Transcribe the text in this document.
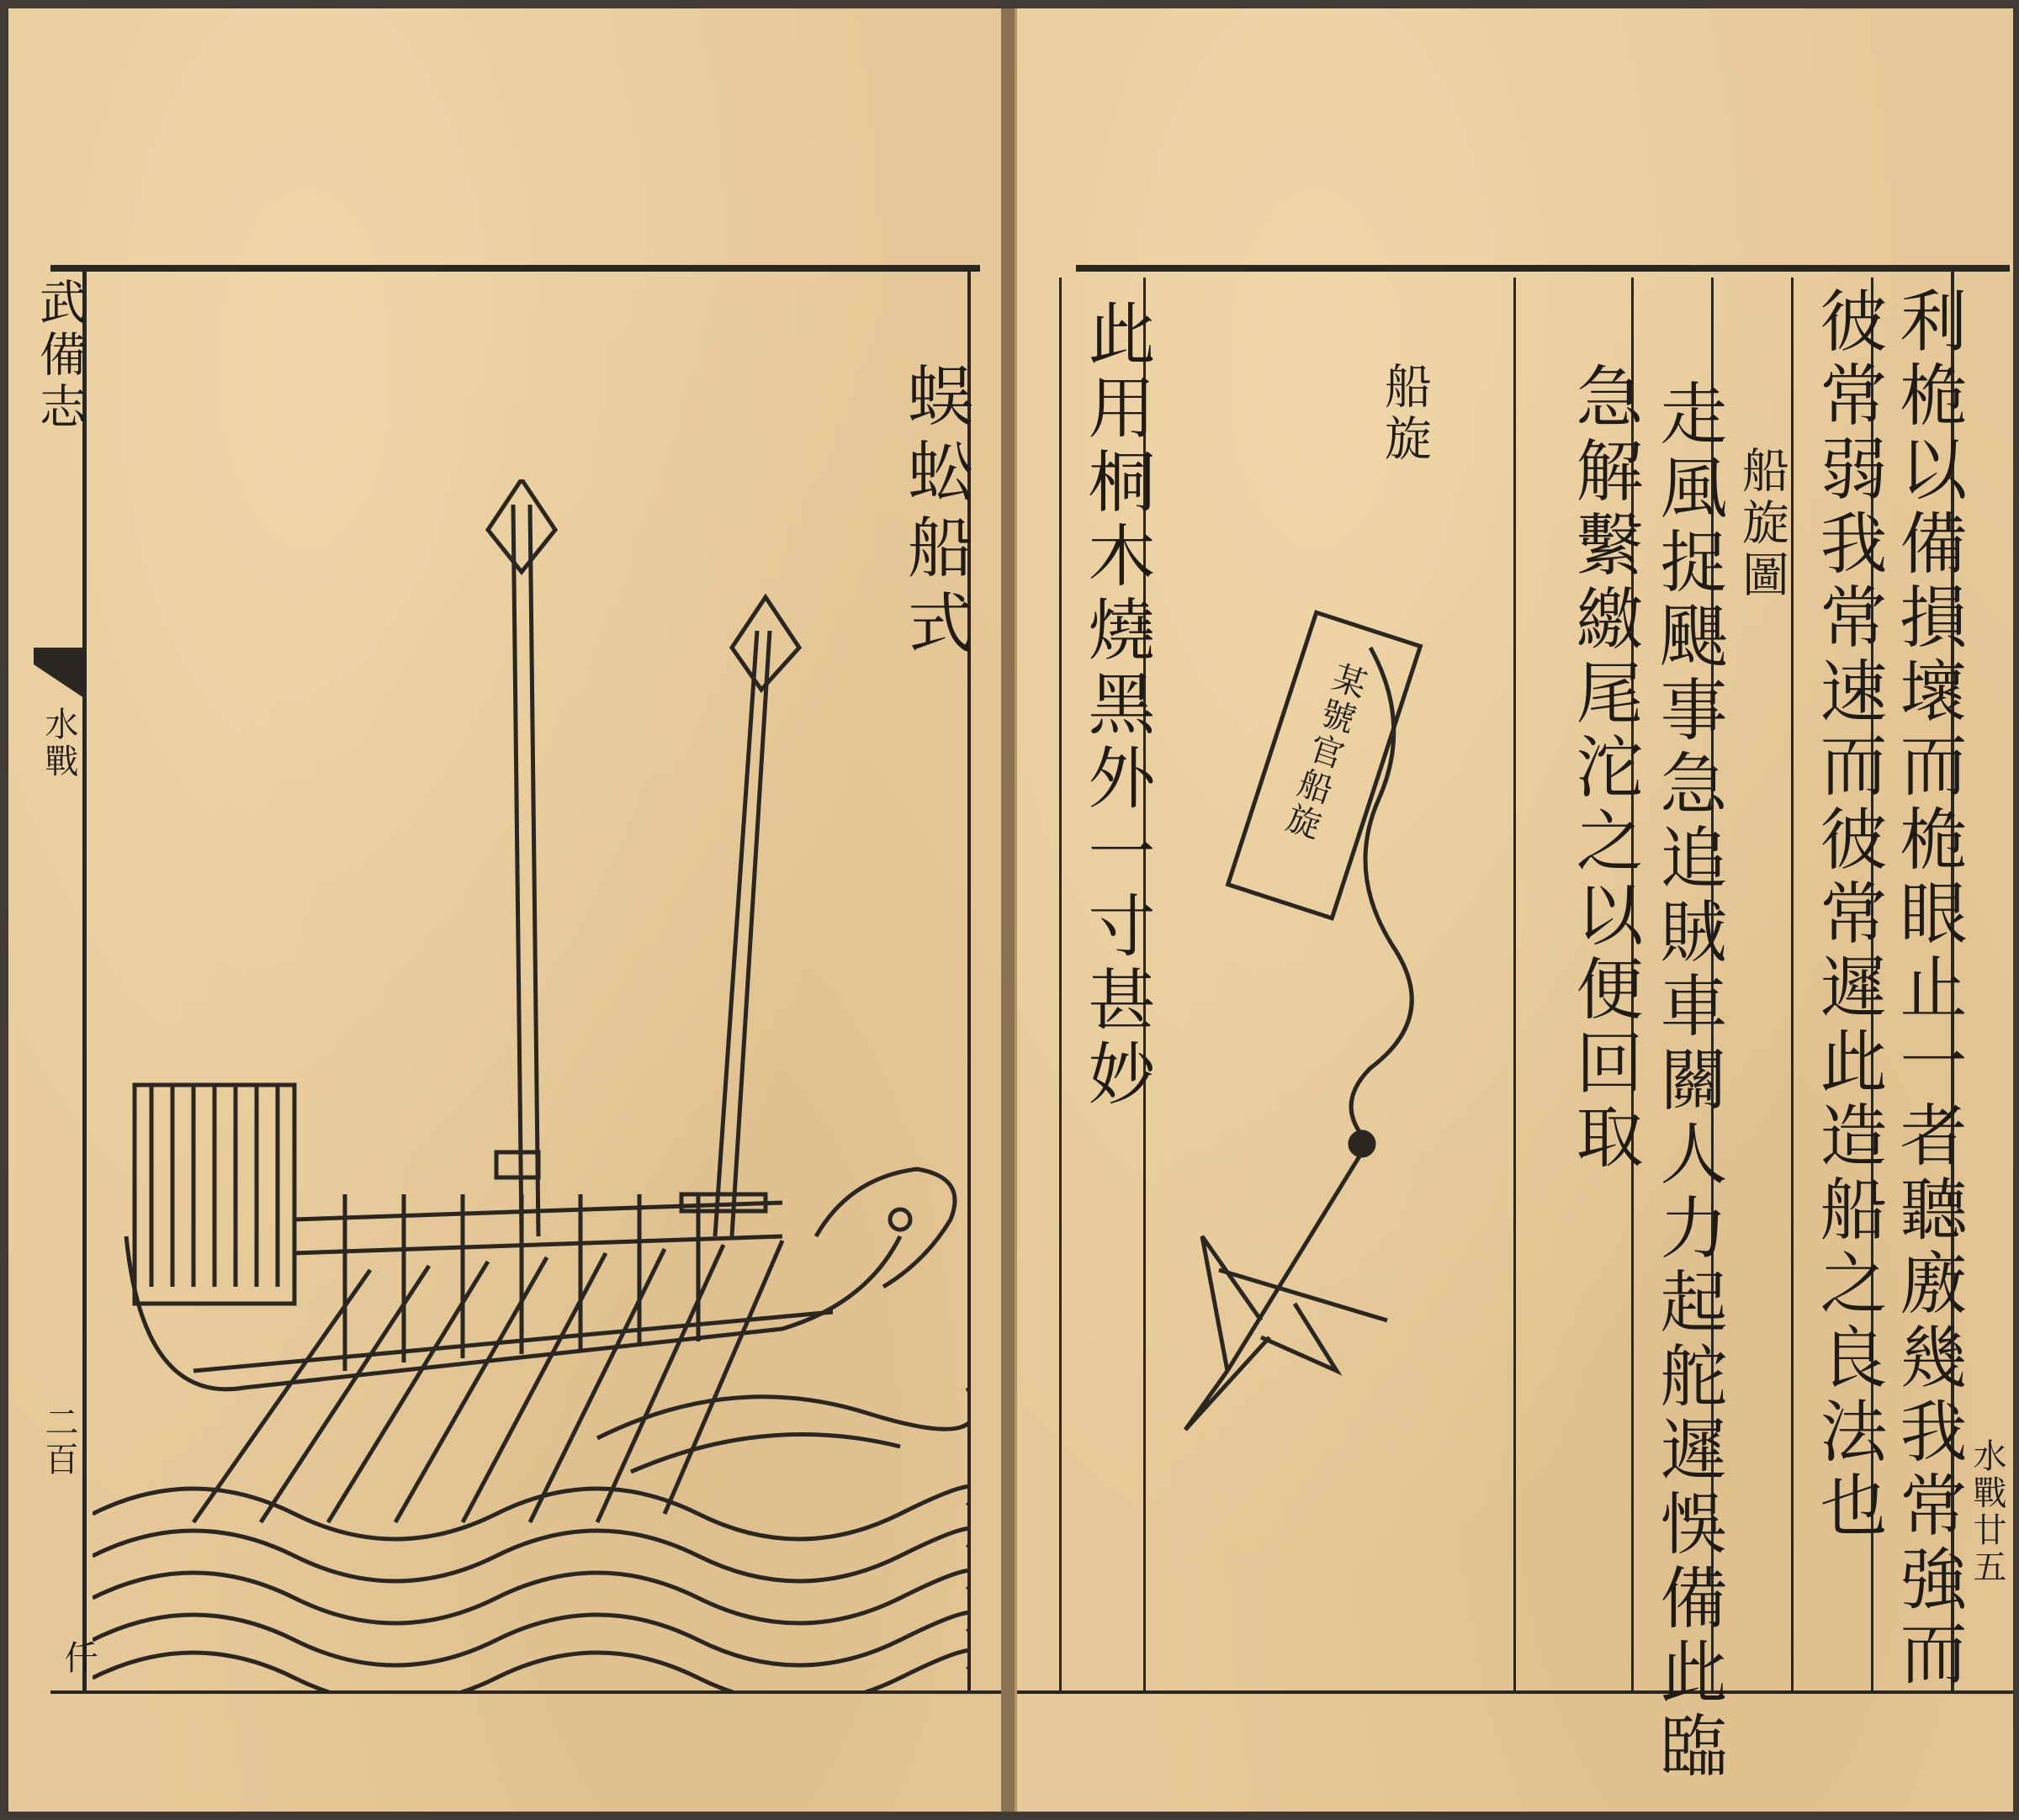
武備志
水戰
二百
仟
蜈蚣船式	利桅以備損壞而桅眼止一者聽廒幾我常強而
彼常弱我常速而彼常遲此造船之良法也
船旋圖
走風捉颶事急追賊車關人力起舵遲悞備此臨
急解繫繳尾沱之以便回取
此用桐木燒黑外一寸甚妙
水戰廿五
船旋
某號官船旋
